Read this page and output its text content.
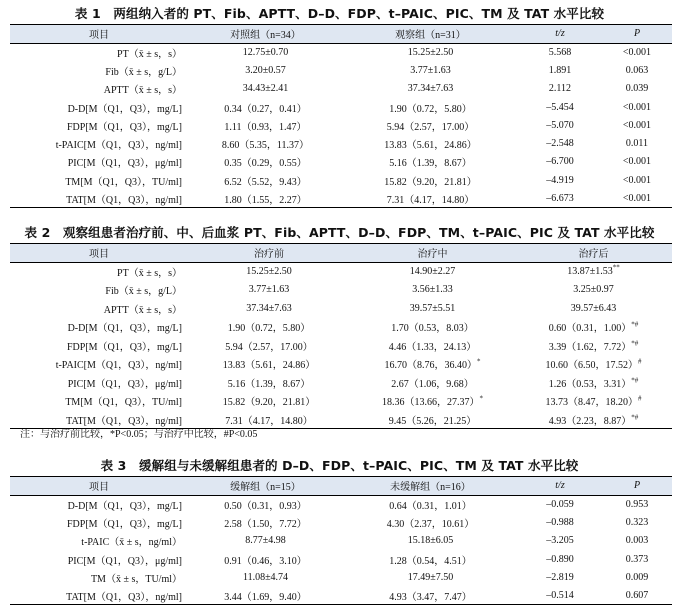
表 1　两组纳入者的 PT、Fib、APTT、D–D、FDP、t–PAIC、PIC、TM 及 TAT 水平比较
项目	对照组（n=34）	观察组（n=31）	t/z	P
PT（x̄ ± s，s）	12.75±0.70	15.25±2.50	5.568	<0.001
Fib（x̄ ± s，g/L）	3.20±0.57	3.77±1.63	1.891	0.063
APTT（x̄ ± s，s）	34.43±2.41	37.34±7.63	2.112	0.039
D-D[M（Q1，Q3），mg/L]	0.34（0.27，0.41）	1.90（0.72，5.80）	–5.454	<0.001
FDP[M（Q1，Q3），mg/L]	1.11（0.93，1.47）	5.94（2.57，17.00）	–5.070	<0.001
t-PAIC[M（Q1，Q3），ng/ml]	8.60（5.35，11.37）	13.83（5.61，24.86）	–2.548	0.011
PIC[M（Q1，Q3），μg/ml]	0.35（0.29，0.55）	5.16（1.39，8.67）	–6.700	<0.001
TM[M（Q1，Q3），TU/ml]	6.52（5.52，9.43）	15.82（9.20，21.81）	–4.919	<0.001
TAT[M（Q1，Q3），ng/ml]	1.80（1.55，2.27）	7.31（4.17，14.80）	–6.673	<0.001
表 2　观察组患者治疗前、中、后血浆 PT、Fib、APTT、D–D、FDP、TM、t–PAIC、PIC 及 TAT 水平比较
项目	治疗前	治疗中	治疗后
PT（x̄ ± s，s）	15.25±2.50	14.90±2.27	13.87±1.53**
Fib（x̄ ± s，g/L）	3.77±1.63	3.56±1.33	3.25±0.97
APTT（x̄ ± s，s）	37.34±7.63	39.57±5.51	39.57±6.43
D-D[M（Q1，Q3），mg/L]	1.90（0.72，5.80）	1.70（0.53，8.03）	0.60（0.31，1.00）*#
FDP[M（Q1，Q3），mg/L]	5.94（2.57，17.00）	4.46（1.33，24.13）	3.39（1.62，7.72）*#
t-PAIC[M（Q1，Q3），ng/ml]	13.83（5.61，24.86）	16.70（8.76，36.40）*	10.60（6.50，17.52）#
PIC[M（Q1，Q3），μg/ml]	5.16（1.39，8.67）	2.67（1.06，9.68）	1.26（0.53，3.31）*#
TM[M（Q1，Q3），TU/ml]	15.82（9.20，21.81）	18.36（13.66，27.37）*	13.73（8.47，18.20）#
TAT[M（Q1，Q3），ng/ml]	7.31（4.17，14.80）	9.45（5.26，21.25）	4.93（2.23，8.87）*#
注：与治疗前比较，*P<0.05；与治疗中比较，#P<0.05
表 3　缓解组与未缓解组患者的 D–D、FDP、t–PAIC、PIC、TM 及 TAT 水平比较
项目	缓解组（n=15）	未缓解组（n=16）	t/z	P
D-D[M（Q1，Q3），mg/L]	0.50（0.31，0.93）	0.64（0.31，1.01）	–0.059	0.953
FDP[M（Q1，Q3），mg/L]	2.58（1.50，7.72）	4.30（2.37，10.61）	–0.988	0.323
t-PAIC（x̄ ± s，ng/ml）	8.77±4.98	15.18±6.05	–3.205	0.003
PIC[M（Q1，Q3），μg/ml]	0.91（0.46，3.10）	1.28（0.54，4.51）	–0.890	0.373
TM（x̄ ± s，TU/ml）	11.08±4.74	17.49±7.50	–2.819	0.009
TAT[M（Q1，Q3），ng/ml]	3.44（1.69，9.40）	4.93（3.47，7.47）	–0.514	0.607
